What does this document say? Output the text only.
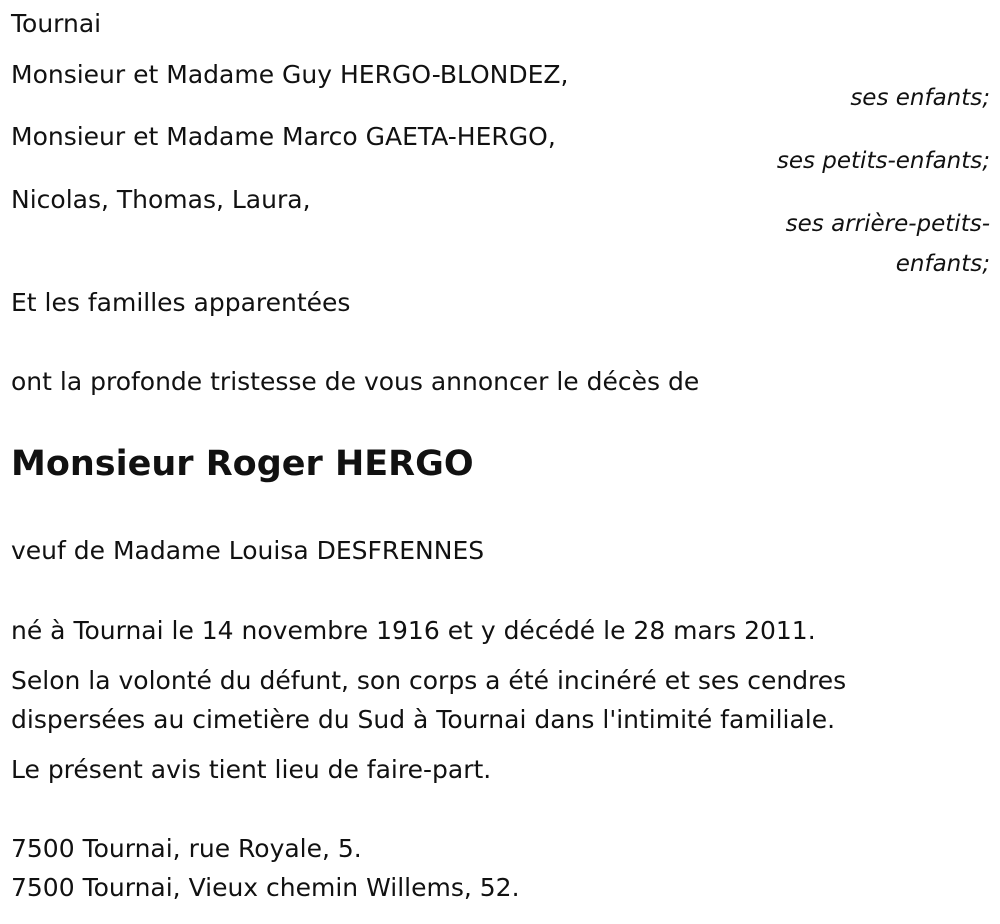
Tournai
Monsieur et Madame Guy HERGO-BLONDEZ,
ses enfants;
Monsieur et Madame Marco GAETA-HERGO,
ses petits-enfants;
Nicolas, Thomas, Laura,
ses arrière-petits-
enfants;
Et les familles apparentées
ont la profonde tristesse de vous annoncer le décès de
Monsieur Roger HERGO
veuf de Madame Louisa DESFRENNES
né à Tournai le 14 novembre 1916 et y décédé le 28 mars 2011.
Selon la volonté du défunt, son corps a été incinéré et ses cendres
dispersées au cimetière du Sud à Tournai dans l'intimité familiale.
Le présent avis tient lieu de faire-part.
7500 Tournai, rue Royale, 5.
7500 Tournai, Vieux chemin Willems, 52.
